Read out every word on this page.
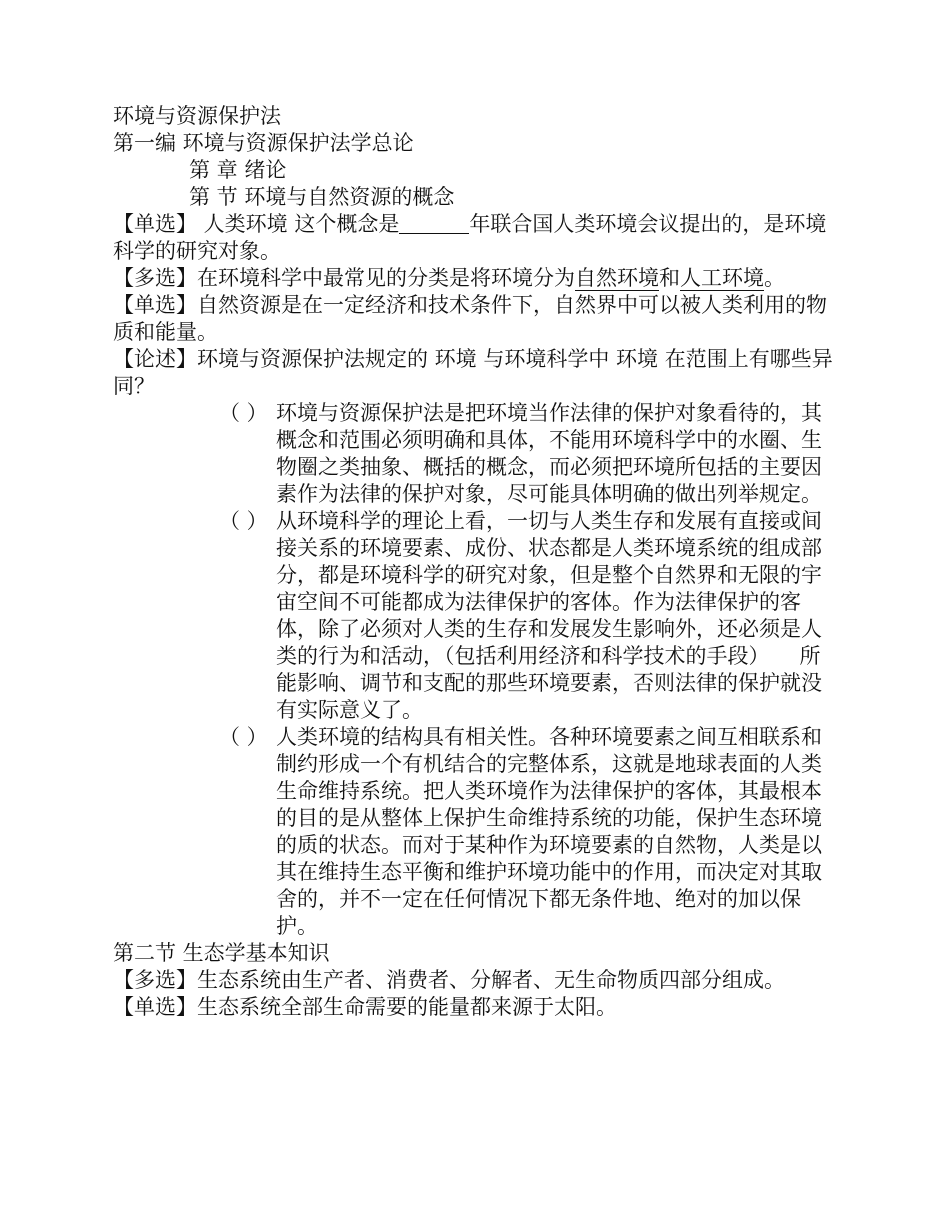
环境与资源保护法
第一编 环境与资源保护法学总论
第 章 绪论
第 节 环境与自然资源的概念
【单选】 人类环境 这个概念是	年联合国人类环境会议提出的，是环境科学的研究对象。
【多选】在环境科学中最常见的分类是将环境分为自然环境和人工环境。
【单选】自然资源是在一定经济和技术条件下，自然界中可以被人类利用的物质和能量。
【论述】环境与资源保护法规定的 环境 与环境科学中 环境 在范围上有哪些异同？
（ ） 环境与资源保护法是把环境当作法律的保护对象看待的，其概念和范围必须明确和具体，不能用环境科学中的水圈、生物圈之类抽象、概括的概念，而必须把环境所包括的主要因素作为法律的保护对象，尽可能具体明确的做出列举规定。
（ ） 从环境科学的理论上看，一切与人类生存和发展有直接或间接关系的环境要素、成份、状态都是人类环境系统的组成部分，都是环境科学的研究对象，但是整个自然界和无限的宇宙空间不可能都成为法律保护的客体。作为法律保护的客体，除了必须对人类的生存和发展发生影响外，还必须是人类的行为和活动，（包括利用经济和科学技术的手段） 所能影响、调节和支配的那些环境要素，否则法律的保护就没有实际意义了。
（ ） 人类环境的结构具有相关性。各种环境要素之间互相联系和制约形成一个有机结合的完整体系，这就是地球表面的人类生命维持系统。把人类环境作为法律保护的客体，其最根本的目的是从整体上保护生命维持系统的功能，保护生态环境的质的状态。而对于某种作为环境要素的自然物，人类是以其在维持生态平衡和维护环境功能中的作用，而决定对其取舍的，并不一定在任何情况下都无条件地、绝对的加以保护。
第二节 生态学基本知识
【多选】生态系统由生产者、消费者、分解者、无生命物质四部分组成。
【单选】生态系统全部生命需要的能量都来源于太阳。
